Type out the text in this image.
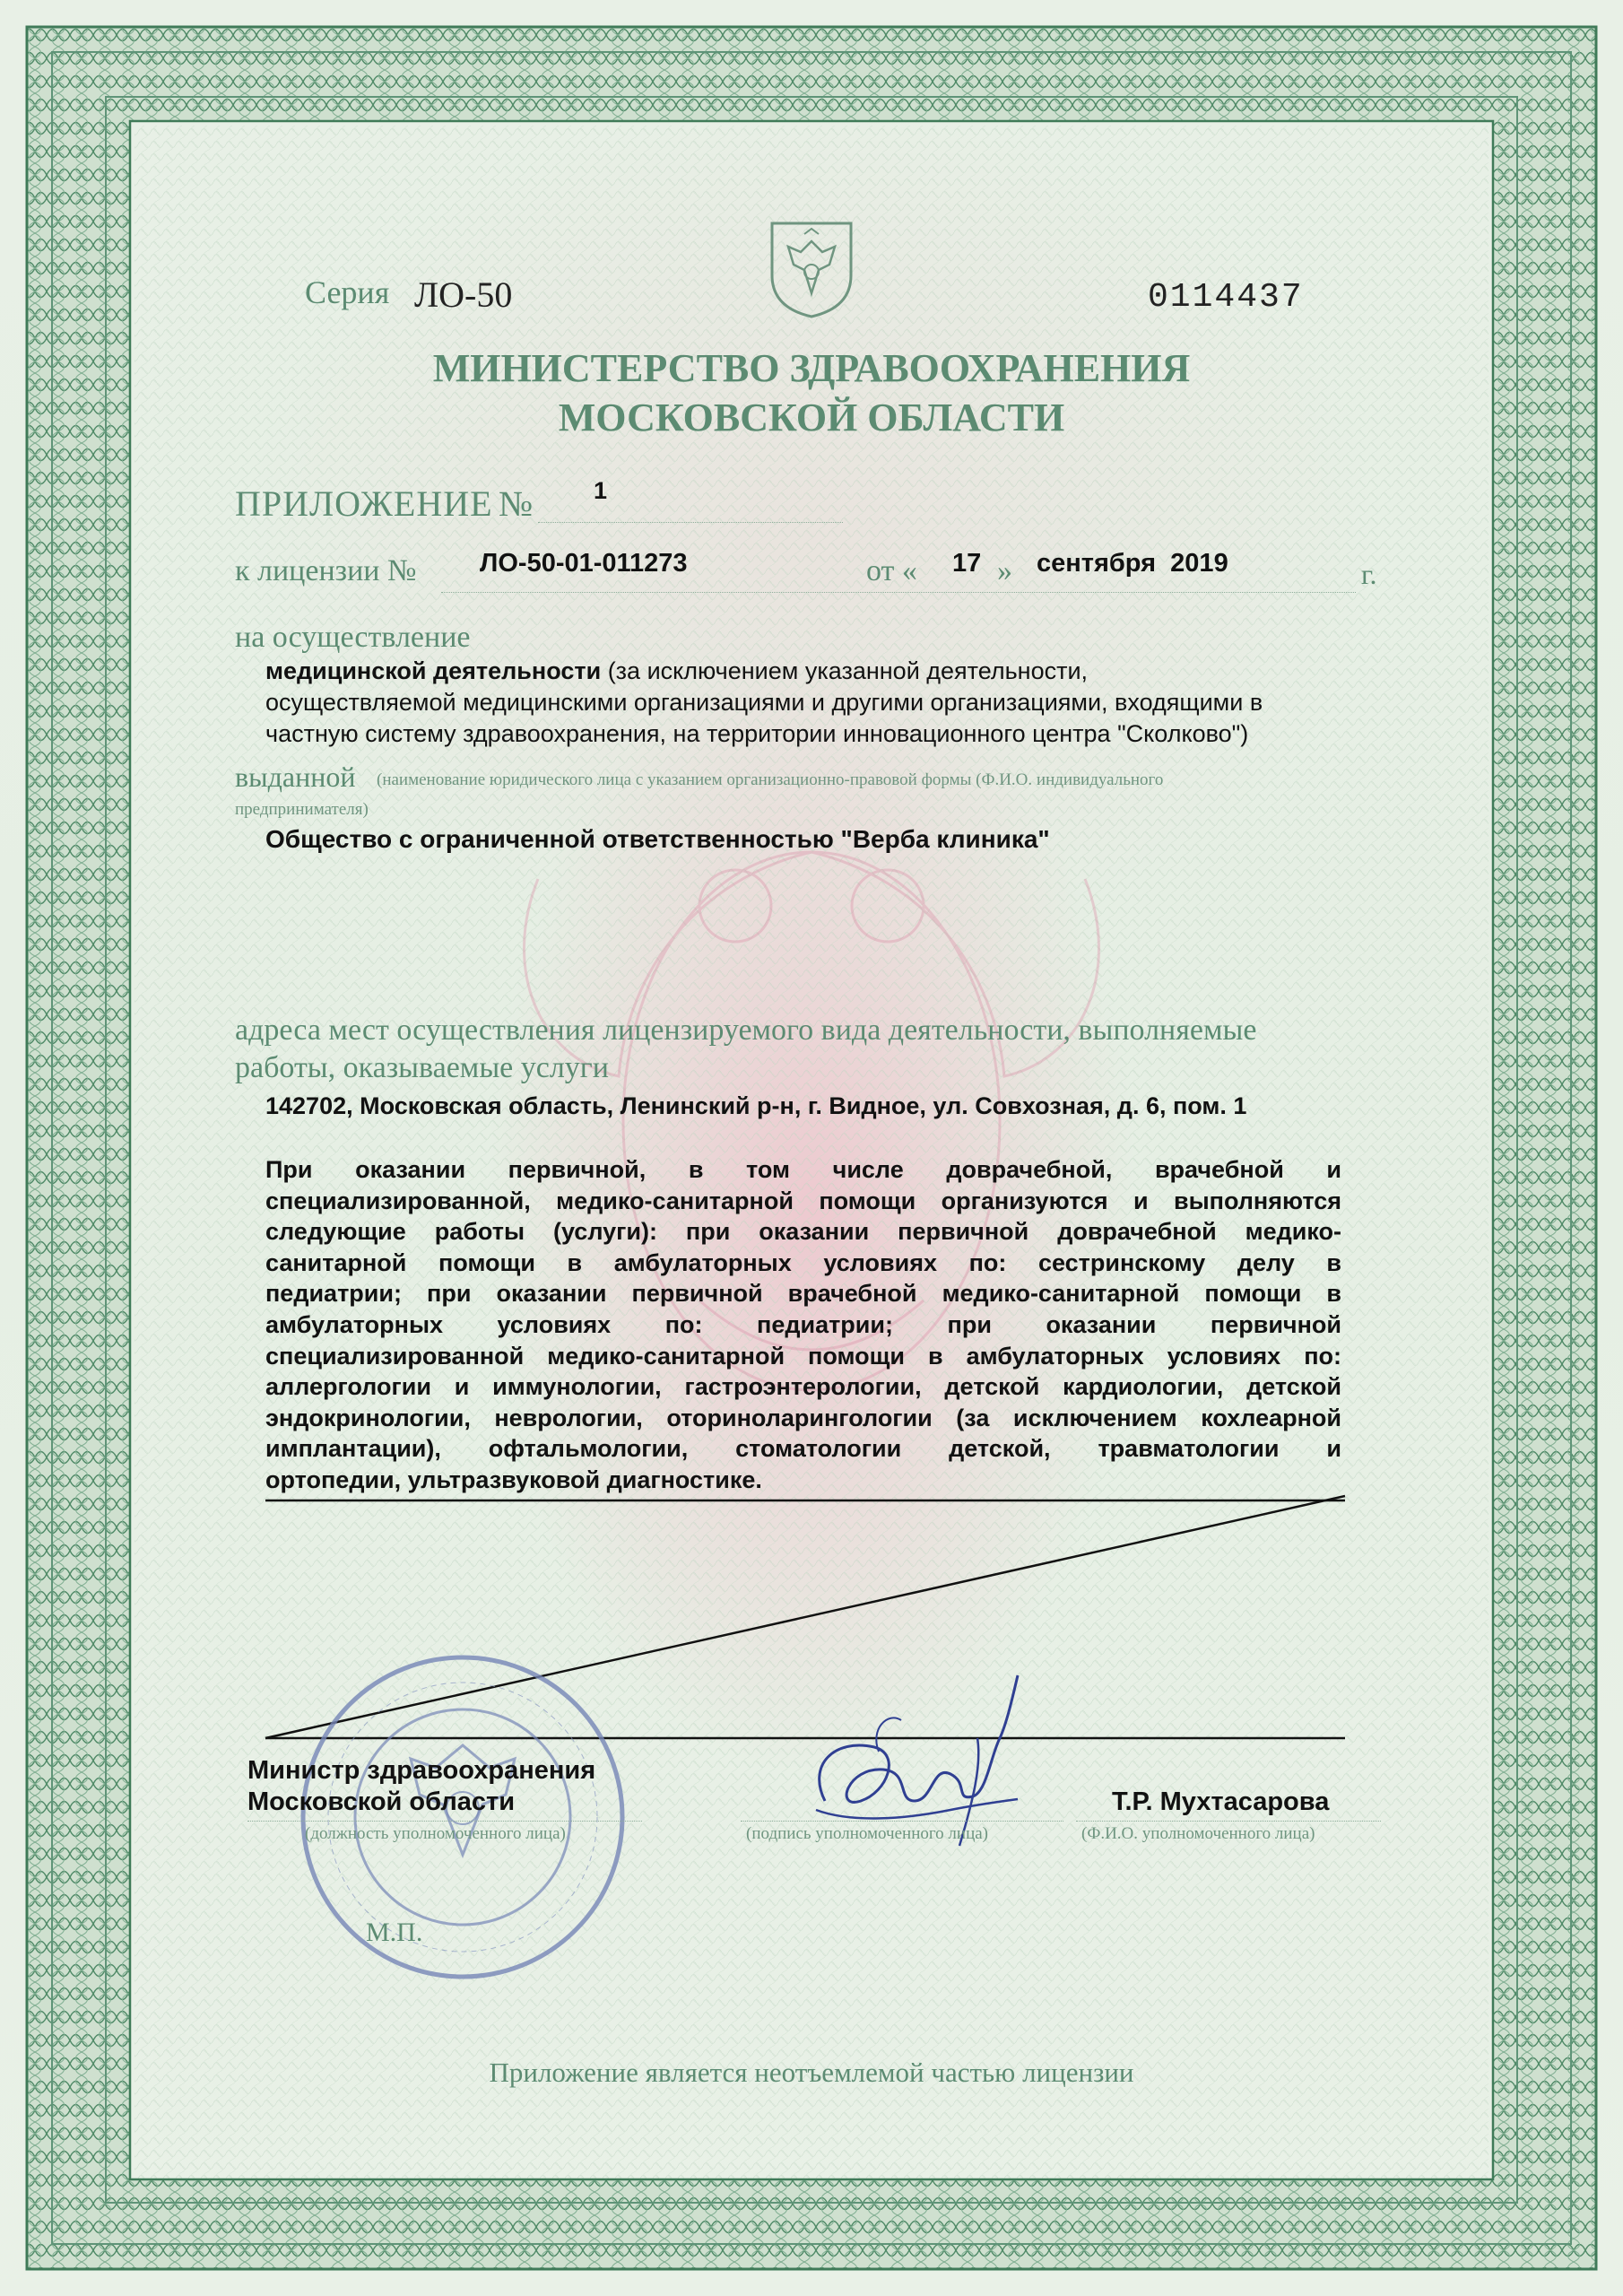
Серия ЛО-50	0114437
МИНИСТЕРСТВО ЗДРАВООХРАНЕНИЯ
МОСКОВСКОЙ ОБЛАСТИ
ПРИЛОЖЕНИЕ №	1
к лицензии № ЛО-50-01-011273	от « 17 » сентября  2019	г.
на осуществление
медицинской деятельности (за исключением указанной деятельности,
осуществляемой медицинскими организациями и другими организациями, входящими в
частную систему здравоохранения, на территории инновационного центра "Сколково")
выданной (наименование юридического лица с указанием организационно-правовой формы (Ф.И.О. индивидуального
предпринимателя)
Общество с ограниченной ответственностью "Верба клиника"
адреса мест осуществления лицензируемого вида деятельности, выполняемые
работы, оказываемые услуги
142702, Московская область, Ленинский р-н, г. Видное, ул. Совхозная, д. 6, пом. 1
При оказании первичной, в том числе доврачебной, врачебной и
специализированной, медико-санитарной помощи организуются и выполняются
следующие работы (услуги): при оказании первичной доврачебной медико-
санитарной помощи в амбулаторных условиях по: сестринскому делу в
педиатрии; при оказании первичной врачебной медико-санитарной помощи в
амбулаторных условиях по: педиатрии; при оказании первичной
специализированной медико-санитарной помощи в амбулаторных условиях по:
аллергологии и иммунологии, гастроэнтерологии, детской кардиологии, детской
эндокринологии, неврологии, оториноларингологии (за исключением кохлеарной
имплантации), офтальмологии, стоматологии детской, травматологии и
ортопедии, ультразвуковой диагностике.
Министр здравоохранения
Московской области
(должность уполномоченного лица)	(подпись уполномоченного лица)
Т.Р. Мухтасарова
(Ф.И.О. уполномоченного лица)
М.П.
Приложение является неотъемлемой частью лицензии
